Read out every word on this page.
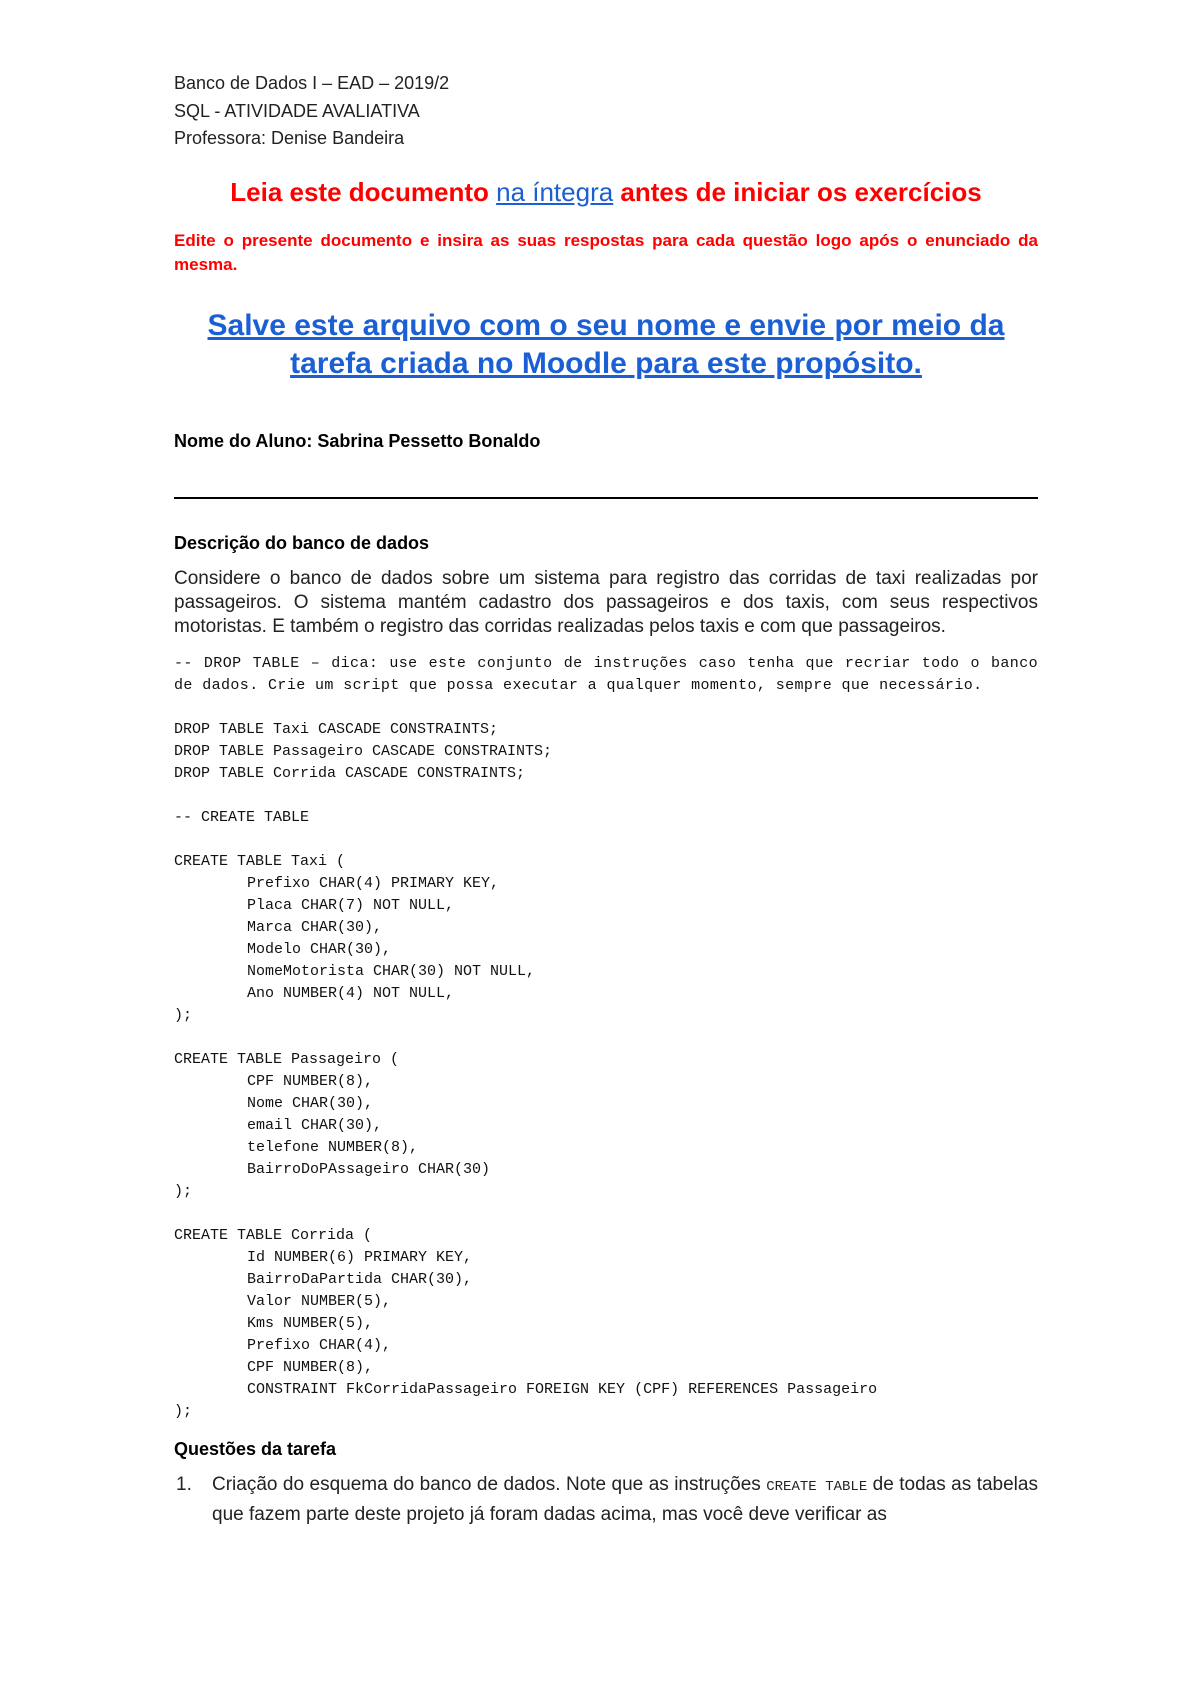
Banco de Dados I – EAD – 2019/2
SQL - ATIVIDADE AVALIATIVA
Professora: Denise Bandeira
Leia este documento na íntegra antes de iniciar os exercícios
Edite o presente documento e insira as suas respostas para cada questão logo após o enunciado da mesma.
Salve este arquivo com o seu nome e envie por meio da tarefa criada no Moodle para este propósito.
Nome do Aluno: Sabrina Pessetto Bonaldo
Descrição do banco de dados
Considere o banco de dados sobre um sistema para registro das corridas de taxi realizadas por passageiros. O sistema mantém cadastro dos passageiros e dos taxis, com seus respectivos motoristas. E também o registro das corridas realizadas pelos taxis e com que passageiros.
-- DROP TABLE – dica: use este conjunto de instruções caso tenha que recriar todo o banco de dados. Crie um script que possa executar a qualquer momento, sempre que necessário.
DROP TABLE Taxi CASCADE CONSTRAINTS;
DROP TABLE Passageiro CASCADE CONSTRAINTS;
DROP TABLE Corrida CASCADE CONSTRAINTS;
-- CREATE TABLE
CREATE TABLE Taxi (
Prefixo CHAR(4) PRIMARY KEY,
Placa CHAR(7) NOT NULL,
Marca CHAR(30),
Modelo CHAR(30),
NomeMotorista CHAR(30) NOT NULL,
Ano NUMBER(4) NOT NULL,
);
CREATE TABLE Passageiro (
CPF NUMBER(8),
Nome CHAR(30),
email CHAR(30),
telefone NUMBER(8),
BairroDoPAssageiro CHAR(30)
);
CREATE TABLE Corrida (
Id NUMBER(6) PRIMARY KEY,
BairroDaPartida CHAR(30),
Valor NUMBER(5),
Kms NUMBER(5),
Prefixo CHAR(4),
CPF NUMBER(8),
CONSTRAINT FkCorridaPassageiro FOREIGN KEY (CPF) REFERENCES Passageiro
);
Questões da tarefa
1.	Criação do esquema do banco de dados. Note que as instruções CREATE TABLE de todas as tabelas que fazem parte deste projeto já foram dadas acima, mas você deve verificar as
